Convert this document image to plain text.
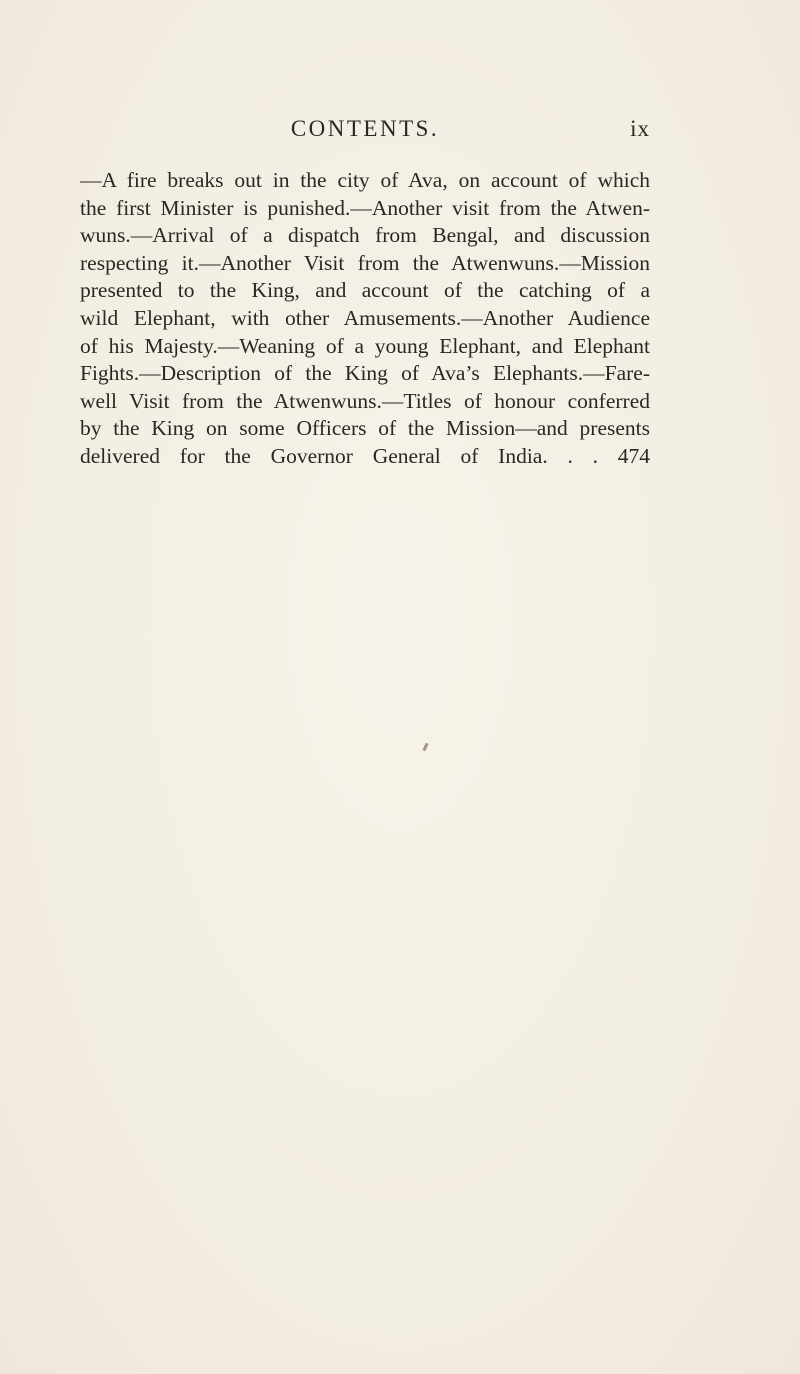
CONTENTS.	ix
—A fire breaks out in the city of Ava, on account of which
the first Minister is punished.—Another visit from the Atwen-
wuns.—Arrival of a dispatch from Bengal, and discussion
respecting it.—Another Visit from the Atwenwuns.—Mission
presented to the King, and account of the catching of a
wild Elephant, with other Amusements.—Another Audience
of his Majesty.—Weaning of a young Elephant, and Elephant
Fights.—Description of the King of Ava’s Elephants.—Fare-
well Visit from the Atwenwuns.—Titles of honour conferred
by the King on some Officers of the Mission—and presents
delivered for the Governor General of India. . . 474
